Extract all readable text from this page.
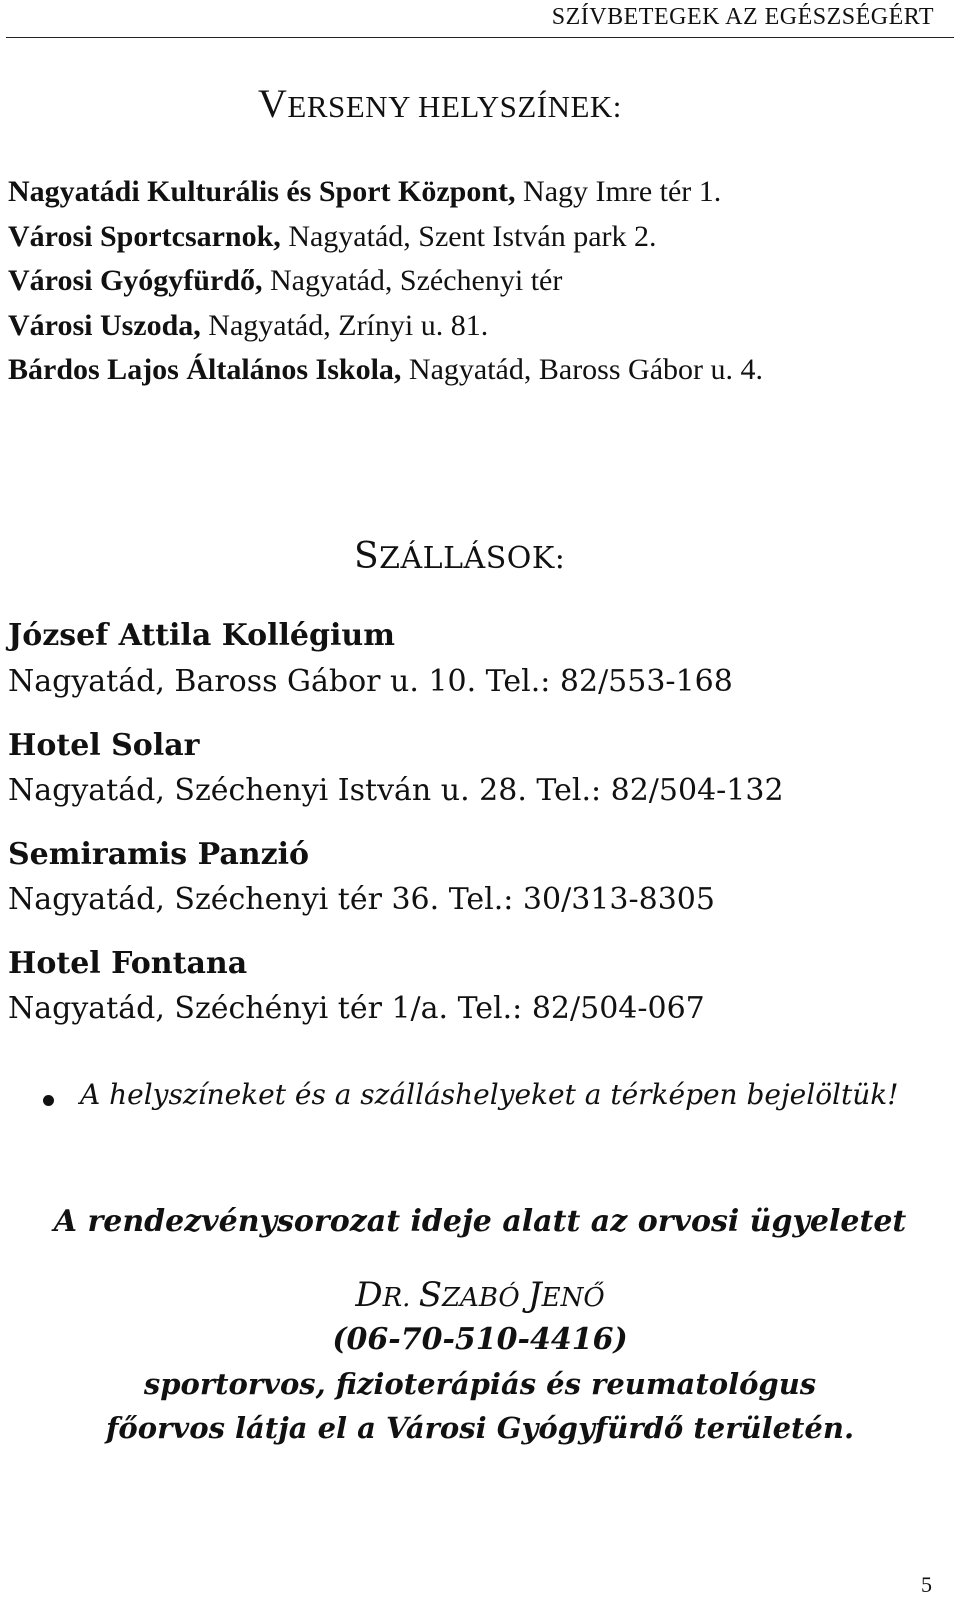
SZÍVBETEGEK AZ EGÉSZSÉGÉRT
VERSENY HELYSZÍNEK:
Nagyatádi Kulturális és Sport Központ, Nagy Imre tér 1.
Városi Sportcsarnok, Nagyatád, Szent István park 2.
Városi Gyógyfürdő, Nagyatád, Széchenyi tér
Városi Uszoda, Nagyatád, Zrínyi u. 81.
Bárdos Lajos Általános Iskola, Nagyatád, Baross Gábor u. 4.
SZÁLLÁSOK:
József Attila Kollégium
Nagyatád, Baross Gábor u. 10. Tel.: 82/553-168
Hotel Solar
Nagyatád, Széchenyi István u. 28. Tel.: 82/504-132
Semiramis Panzió
Nagyatád, Széchenyi tér 36. Tel.: 30/313-8305
Hotel Fontana
Nagyatád, Széchényi tér 1/a. Tel.: 82/504-067
A helyszíneket és a szálláshelyeket a térképen bejelöltük!
A rendezvénysorozat ideje alatt az orvosi ügyeletet
DR. SZABÓ JENŐ
(06-70-510-4416)
sportorvos, fizioterápiás és reumatológus
főorvos látja el a Városi Gyógyfürdő területén.
5
